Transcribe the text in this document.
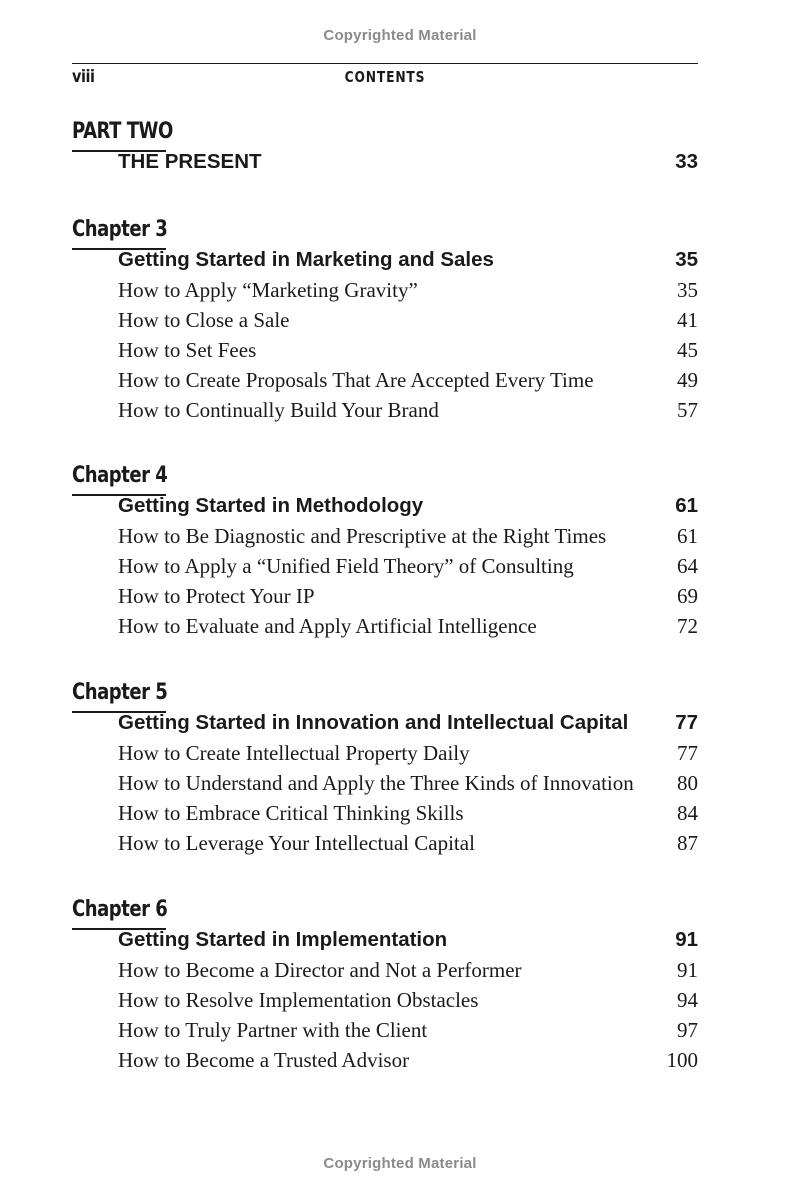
Copyrighted Material
viii	CONTENTS
PART TWO
THE PRESENT	33
Chapter 3
Getting Started in Marketing and Sales	35
How to Apply “Marketing Gravity”	35
How to Close a Sale	41
How to Set Fees	45
How to Create Proposals That Are Accepted Every Time	49
How to Continually Build Your Brand	57
Chapter 4
Getting Started in Methodology	61
How to Be Diagnostic and Prescriptive at the Right Times	61
How to Apply a “Unified Field Theory” of Consulting	64
How to Protect Your IP	69
How to Evaluate and Apply Artificial Intelligence	72
Chapter 5
Getting Started in Innovation and Intellectual Capital 77
How to Create Intellectual Property Daily	77
How to Understand and Apply the Three Kinds of Innovation 80
How to Embrace Critical Thinking Skills	84
How to Leverage Your Intellectual Capital	87
Chapter 6
Getting Started in Implementation	91
How to Become a Director and Not a Performer	91
How to Resolve Implementation Obstacles	94
How to Truly Partner with the Client	97
How to Become a Trusted Advisor	100
Copyrighted Material
